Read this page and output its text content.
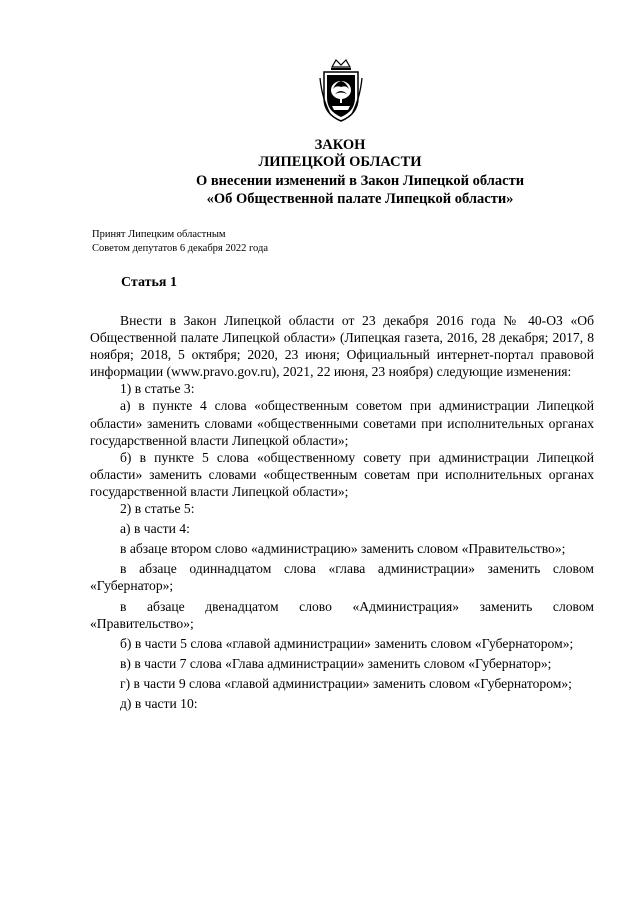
ЗАКОН
ЛИПЕЦКОЙ ОБЛАСТИ
О внесении изменений в Закон Липецкой области
«Об Общественной палате Липецкой области»
Принят Липецким областным
Советом депутатов 6 декабря 2022 года
Статья 1

Внести в Закон Липецкой области от 23 декабря 2016 года № 40-ОЗ «Об Общественной палате Липецкой области» (Липецкая газета, 2016, 28 декабря; 2017, 8 ноября; 2018, 5 октября; 2020, 23 июня; Официальный интернет-портал правовой информации (www.pravo.gov.ru), 2021, 22 июня, 23 ноября) следующие изменения:

1) в статье 3:

а) в пункте 4 слова «общественным советом при администрации Липецкой области» заменить словами «общественными советами при исполнительных органах государственной власти Липецкой области»;

б) в пункте 5 слова «общественному совету при администрации Липецкой области» заменить словами «общественным советам при исполнительных органах государственной власти Липецкой области»;

2) в статье 5:

а) в части 4:

в абзаце втором слово «администрацию» заменить словом «Правительство»;

в абзаце одиннадцатом слова «глава администрации» заменить словом «Губернатор»;

в абзаце двенадцатом слово «Администрация» заменить словом «Правительство»;

б) в части 5 слова «главой администрации» заменить словом «Губернатором»;

в) в части 7 слова «Глава администрации» заменить словом «Губернатор»;

г) в части 9 слова «главой администрации» заменить словом «Губернатором»;

д) в части 10:
